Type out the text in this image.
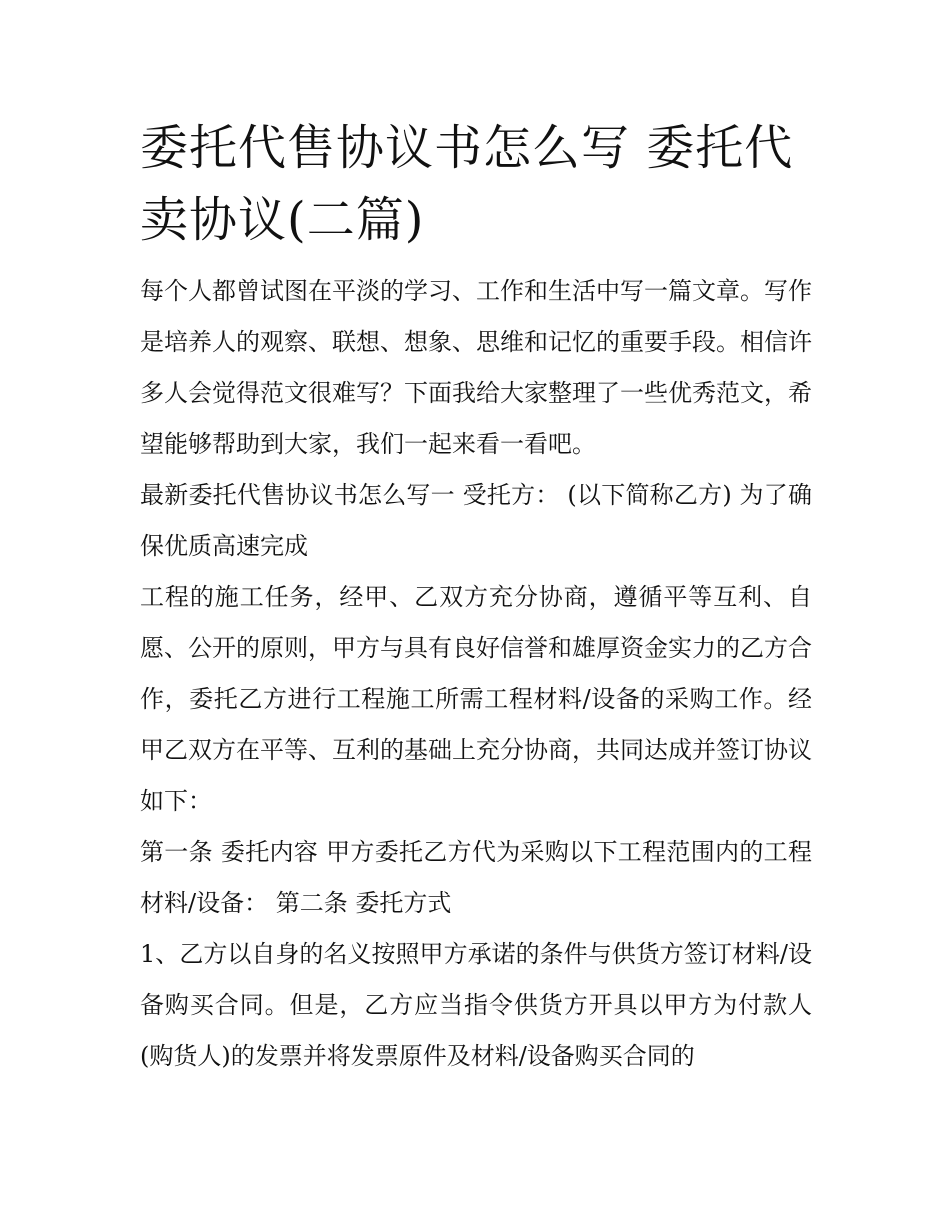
委托代售协议书怎么写 委托代卖协议(二篇)

每个人都曾试图在平淡的学习、工作和生活中写一篇文章。写作是培养人的观察、联想、想象、思维和记忆的重要手段。相信许多人会觉得范文很难写？下面我给大家整理了一些优秀范文，希望能够帮助到大家，我们一起来看一看吧。

最新委托代售协议书怎么写一 受托方： (以下简称乙方) 为了确保优质高速完成

工程的施工任务，经甲、乙双方充分协商，遵循平等互利、自愿、公开的原则，甲方与具有良好信誉和雄厚资金实力的乙方合作，委托乙方进行工程施工所需工程材料/设备的采购工作。经甲乙双方在平等、互利的基础上充分协商，共同达成并签订协议如下：

第一条 委托内容 甲方委托乙方代为采购以下工程范围内的工程材料/设备： 第二条 委托方式

1、乙方以自身的名义按照甲方承诺的条件与供货方签订材料/设备购买合同。但是，乙方应当指令供货方开具以甲方为付款人(购货人)的发票并将发票原件及材料/设备购买合同的
